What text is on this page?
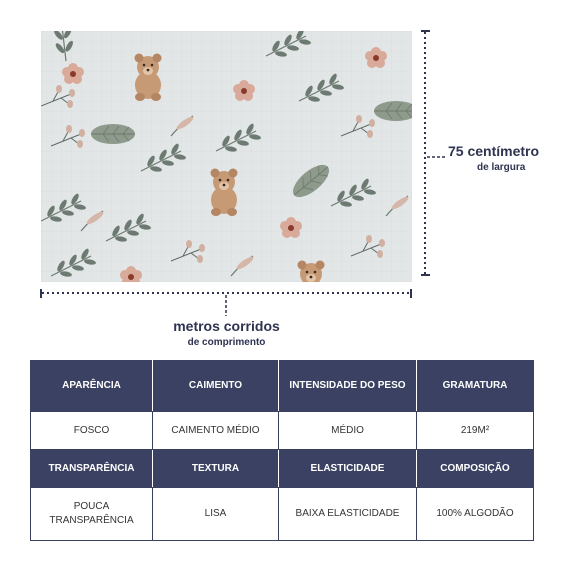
75 centímetro
de largura
metros corridos
de comprimento
APARÊNCIA	CAIMENTO	INTENSIDADE DO PESO	GRAMATURA
FOSCO	CAIMENTO MÉDIO	MÉDIO	219M²
TRANSPARÊNCIA	TEXTURA	ELASTICIDADE	COMPOSIÇÃO
POUCA TRANSPARÊNCIA	LISA	BAIXA ELASTICIDADE	100% ALGODÃO
